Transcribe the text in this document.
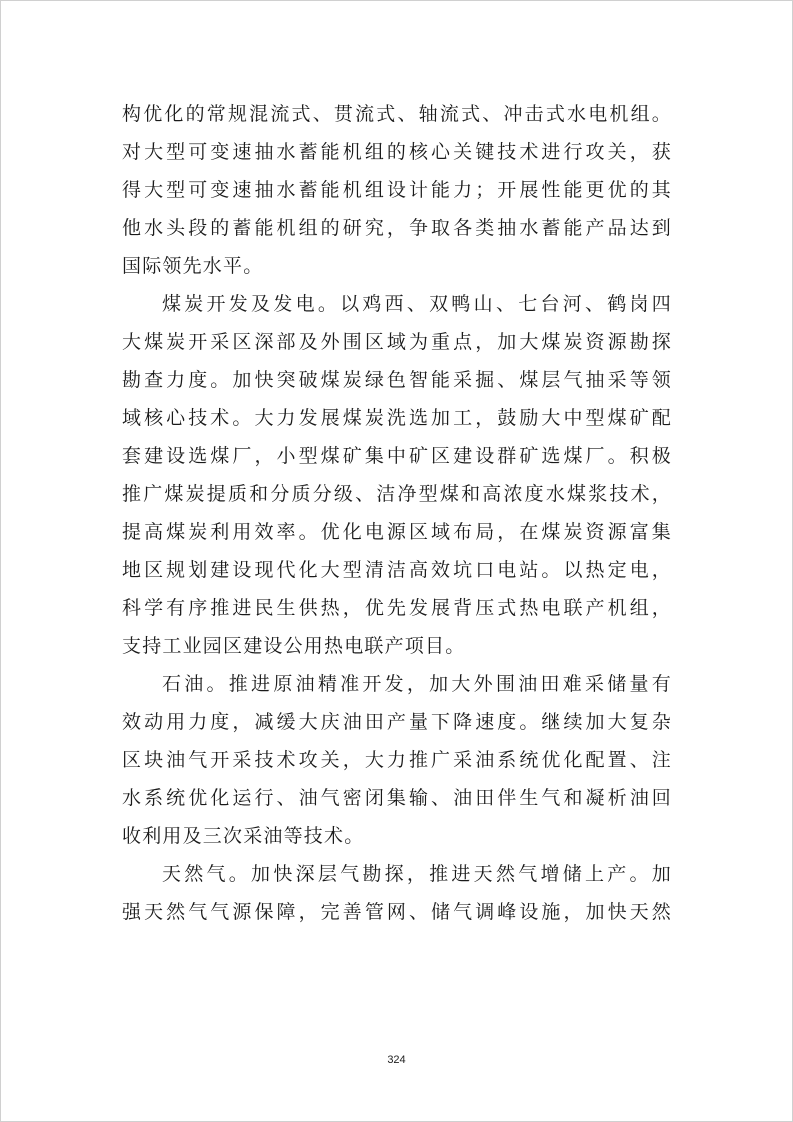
构优化的常规混流式、贯流式、轴流式、冲击式水电机组。
对大型可变速抽水蓄能机组的核心关键技术进行攻关，获
得大型可变速抽水蓄能机组设计能力；开展性能更优的其
他水头段的蓄能机组的研究，争取各类抽水蓄能产品达到
国际领先水平。
煤炭开发及发电。以鸡西、双鸭山、七台河、鹤岗四
大煤炭开采区深部及外围区域为重点，加大煤炭资源勘探
勘查力度。加快突破煤炭绿色智能采掘、煤层气抽采等领
域核心技术。大力发展煤炭洗选加工，鼓励大中型煤矿配
套建设选煤厂，小型煤矿集中矿区建设群矿选煤厂。积极
推广煤炭提质和分质分级、洁净型煤和高浓度水煤浆技术，
提高煤炭利用效率。优化电源区域布局，在煤炭资源富集
地区规划建设现代化大型清洁高效坑口电站。以热定电，
科学有序推进民生供热，优先发展背压式热电联产机组，
支持工业园区建设公用热电联产项目。
石油。推进原油精准开发，加大外围油田难采储量有
效动用力度，减缓大庆油田产量下降速度。继续加大复杂
区块油气开采技术攻关，大力推广采油系统优化配置、注
水系统优化运行、油气密闭集输、油田伴生气和凝析油回
收利用及三次采油等技术。
天然气。加快深层气勘探，推进天然气增储上产。加
强天然气气源保障，完善管网、储气调峰设施，加快天然
324
